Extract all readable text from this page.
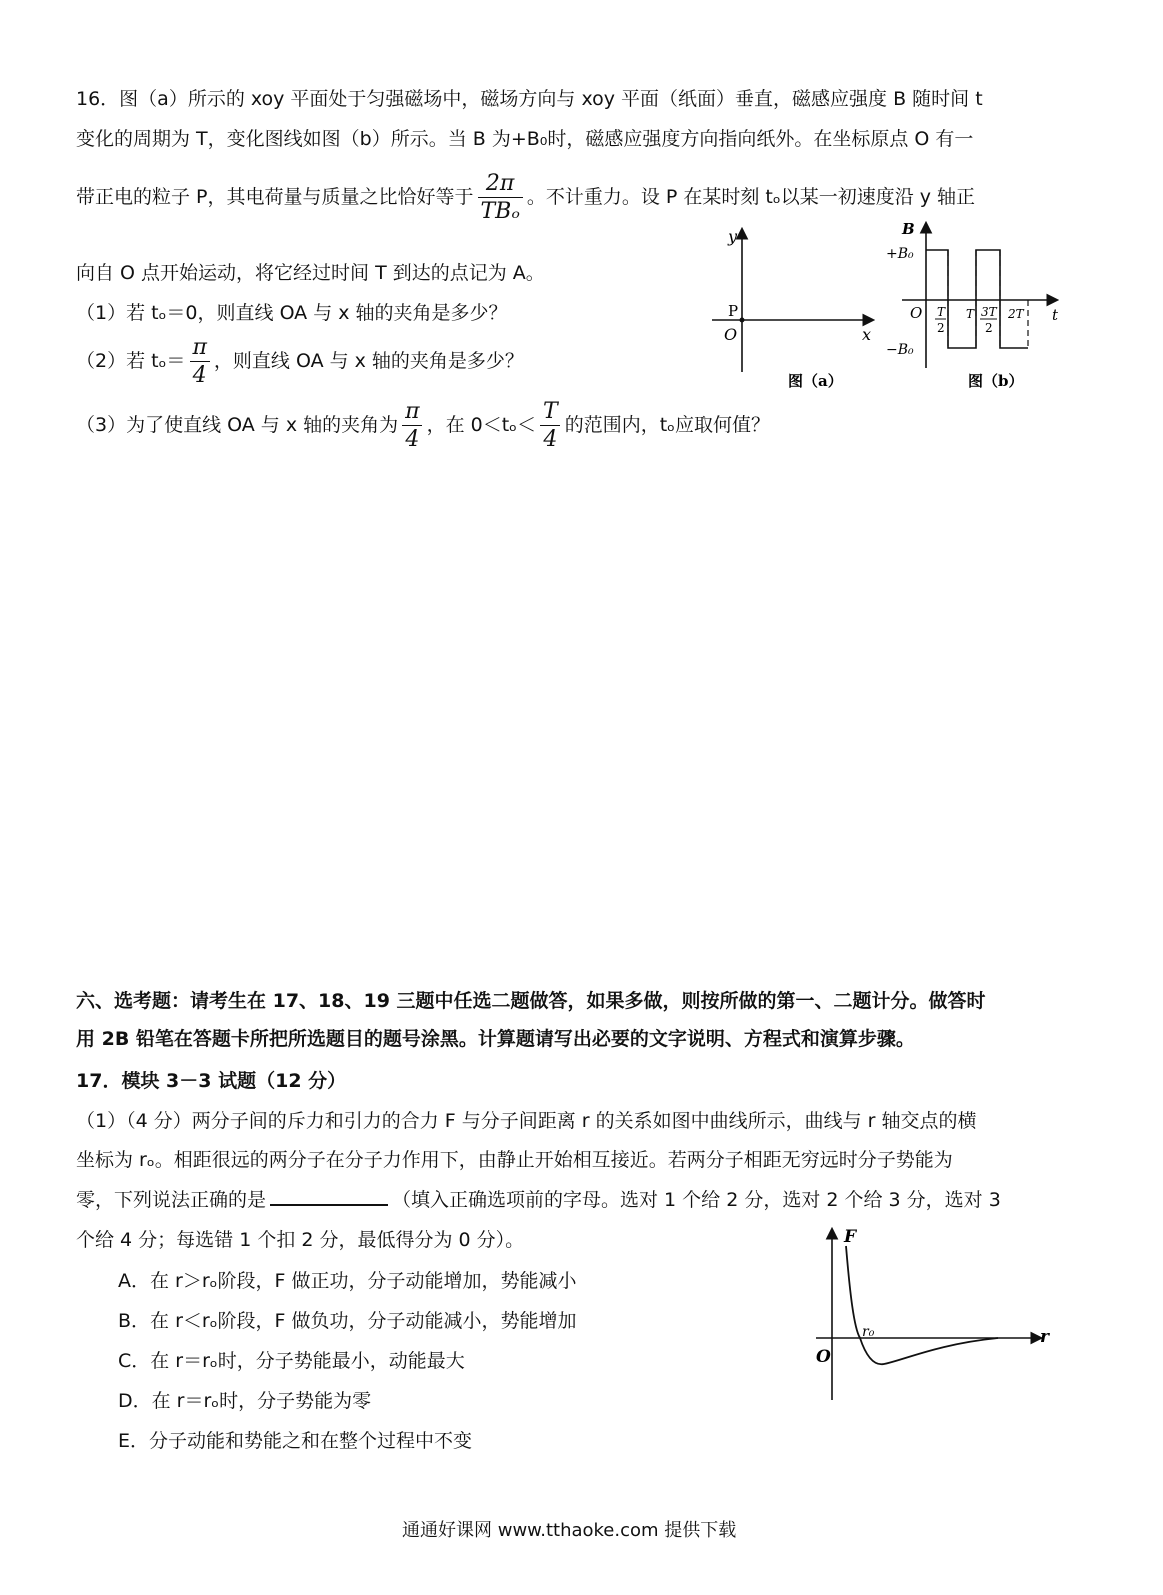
16．图（a）所示的 xoy 平面处于匀强磁场中，磁场方向与 xoy 平面（纸面）垂直，磁感应强度 B 随时间 t
变化的周期为 T，变化图线如图（b）所示。当 B 为+B₀时，磁感应强度方向指向纸外。在坐标原点 O 有一
带正电的粒子 P，其电荷量与质量之比恰好等于 $\frac{2\pi}{\text{TBₒ}}$ 。不计重力。设 P 在某时刻 tₒ以某一初速度沿 y 轴正
向自 O 点开始运动，将它经过时间 T 到达的点记为 A。
（1）若 tₒ＝0，则直线 OA 与 x 轴的夹角是多少？
（2）若 $t_o= \frac{\pi}{4}$ ，则直线 OA 与 x 轴的夹角是多少？
（3）为了使直线 OA 与 x 轴的夹角为 $\frac{\pi}{4}$ ，在 $0<t_o< \frac{T}{4}$ 的范围内，tₒ应取何值？
y
x
O
P
图（a）
B
+B₀
−B₀
O	t
T
2
T 3T
2
2T
图（b）
六、选考题：请考生在 17、18、19 三题中任选二题做答，如果多做，则按所做的第一、二题计分。做答时
用 2B 铅笔在答题卡所把所选题目的题号涂黑。计算题请写出必要的文字说明、方程式和演算步骤。
17．模块 3－3 试题（12 分）
（1）（4 分）两分子间的斥力和引力的合力 F 与分子间距离 r 的关系如图中曲线所示，曲线与 r 轴交点的横
坐标为 rₒ。相距很远的两分子在分子力作用下，由静止开始相互接近。若两分子相距无穷远时分子势能为
零，下列说法正确的是	（填入正确选项前的字母。选对 1 个给 2 分，选对 2 个给 3 分，选对 3
个给 4 分；每选错 1 个扣 2 分，最低得分为 0 分）。
A．在 r＞rₒ阶段，F 做正功，分子动能增加，势能减小
B．在 r＜rₒ阶段，F 做负功，分子动能减小，势能增加
C．在 r＝rₒ时，分子势能最小，动能最大
D．在 r＝rₒ时，分子势能为零
E．分子动能和势能之和在整个过程中不变
F
r
O
r₀
通通好课网 www.tthaoke.com 提供下载
